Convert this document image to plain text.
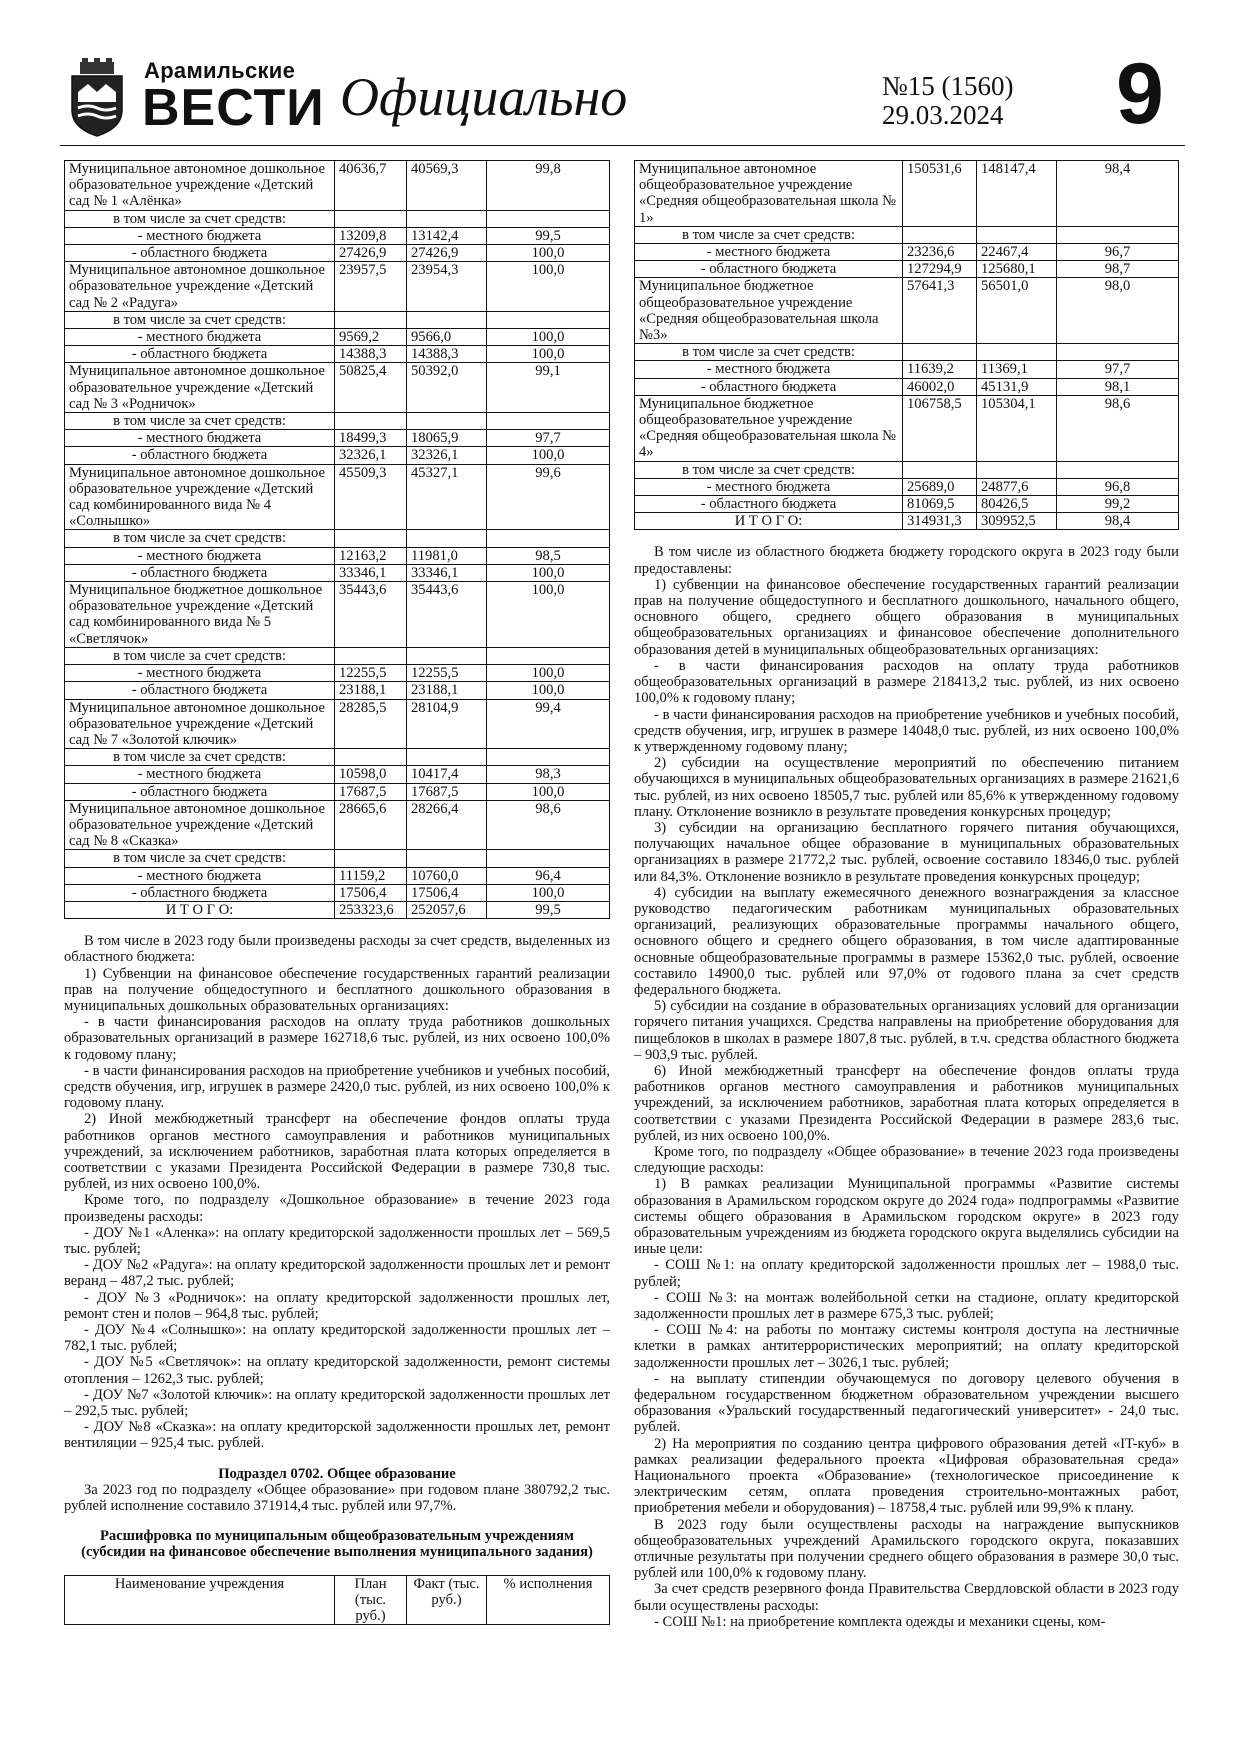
Арамильские
ВЕСТИ Официально	№15 (1560)
29.03.2024 9
Муниципальное автономное дошкольное образовательное учреждение «Детский сад № 1 «Алёнка»	40636,7	40569,3	99,8
в том числе за счет средств:			
- местного бюджета	13209,8	13142,4	99,5
- областного бюджета	27426,9	27426,9	100,0
Муниципальное автономное дошкольное образовательное учреждение «Детский сад № 2 «Радуга»	23957,5	23954,3	100,0
в том числе за счет средств:			
- местного бюджета	9569,2	9566,0	100,0
- областного бюджета	14388,3	14388,3	100,0
Муниципальное автономное дошкольное образовательное учреждение «Детский сад № 3 «Родничок»	50825,4	50392,0	99,1
в том числе за счет средств:			
- местного бюджета	18499,3	18065,9	97,7
- областного бюджета	32326,1	32326,1	100,0
Муниципальное автономное дошкольное образовательное учреждение «Детский сад комбинированного вида № 4 «Солнышко»	45509,3	45327,1	99,6
в том числе за счет средств:			
- местного бюджета	12163,2	11981,0	98,5
- областного бюджета	33346,1	33346,1	100,0
Муниципальное бюджетное дошкольное образовательное учреждение «Детский сад комбинированного вида № 5 «Светлячок»	35443,6	35443,6	100,0
в том числе за счет средств:			
- местного бюджета	12255,5	12255,5	100,0
- областного бюджета	23188,1	23188,1	100,0
Муниципальное автономное дошкольное образовательное учреждение «Детский сад № 7 «Золотой ключик»	28285,5	28104,9	99,4
в том числе за счет средств:			
- местного бюджета	10598,0	10417,4	98,3
- областного бюджета	17687,5	17687,5	100,0
Муниципальное автономное дошкольное образовательное учреждение «Детский сад № 8 «Сказка»	28665,6	28266,4	98,6
в том числе за счет средств:			
- местного бюджета	11159,2	10760,0	96,4
- областного бюджета	17506,4	17506,4	100,0
И Т О Г О:	253323,6	252057,6	99,5

В том числе в 2023 году были произведены расходы за счет средств, выделенных из областного бюджета:

1) Субвенции на финансовое обеспечение государственных гарантий реализации прав на получение общедоступного и бесплатного дошкольного образования в муниципальных дошкольных образовательных организациях:

- в части финансирования расходов на оплату труда работников дошкольных образовательных организаций в размере 162718,6 тыс. рублей, из них освоено 100,0% к годовому плану;

- в части финансирования расходов на приобретение учебников и учебных пособий, средств обучения, игр, игрушек в размере 2420,0 тыс. рублей, из них освоено 100,0% к годовому плану.

2) Иной межбюджетный трансферт на обеспечение фондов оплаты труда работников органов местного самоуправления и работников муниципальных учреждений, за исключением работников, заработная плата которых определяется в соответствии с указами Президента Российской Федерации в размере 730,8 тыс. рублей, из них освоено 100,0%.

Кроме того, по подразделу «Дошкольное образование» в течение 2023 года произведены расходы:

- ДОУ №1 «Аленка»: на оплату кредиторской задолженности прошлых лет – 569,5 тыс. рублей;

- ДОУ №2 «Радуга»: на оплату кредиторской задолженности прошлых лет и ремонт веранд – 487,2 тыс. рублей;

- ДОУ №3 «Родничок»: на оплату кредиторской задолженности прошлых лет, ремонт стен и полов – 964,8 тыс. рублей;

- ДОУ №4 «Солнышко»: на оплату кредиторской задолженности прошлых лет – 782,1 тыс. рублей;

- ДОУ №5 «Светлячок»: на оплату кредиторской задолженности, ремонт системы отопления – 1262,3 тыс. рублей;

- ДОУ №7 «Золотой ключик»: на оплату кредиторской задолженности прошлых лет – 292,5 тыс. рублей;

- ДОУ №8 «Сказка»: на оплату кредиторской задолженности прошлых лет, ремонт вентиляции – 925,4 тыс. рублей.

Подраздел 0702. Общее образование

За 2023 год по подразделу «Общее образование» при годовом плане 380792,2 тыс. рублей исполнение составило 371914,4 тыс. рублей или 97,7%.

Расшифровка по муниципальным общеобразовательным учреждениям

(субсидии на финансовое обеспечение выполнения муниципального задания)

Наименование учреждения	План (тыс. руб.)	Факт (тыс. руб.)	% исполнения
Муниципальное автономное общеобразовательное учреждение «Средняя общеобразовательная школа № 1»	150531,6	148147,4	98,4
в том числе за счет средств:			
- местного бюджета	23236,6	22467,4	96,7
- областного бюджета	127294,9	125680,1	98,7
Муниципальное бюджетное общеобразовательное учреждение «Средняя общеобразовательная школа №3»	57641,3	56501,0	98,0
в том числе за счет средств:			
- местного бюджета	11639,2	11369,1	97,7
- областного бюджета	46002,0	45131,9	98,1
Муниципальное бюджетное общеобразовательное учреждение «Средняя общеобразовательная школа № 4»	106758,5	105304,1	98,6
в том числе за счет средств:			
- местного бюджета	25689,0	24877,6	96,8
- областного бюджета	81069,5	80426,5	99,2
И Т О Г О:	314931,3	309952,5	98,4

В том числе из областного бюджета бюджету городского округа в 2023 году были предоставлены:

1) субвенции на финансовое обеспечение государственных гарантий реализации прав на получение общедоступного и бесплатного дошкольного, начального общего, основного общего, среднего общего образования в муниципальных общеобразовательных организациях и финансовое обеспечение дополнительного образования детей в муниципальных общеобразовательных организациях:

- в части финансирования расходов на оплату труда работников общеобразовательных организаций в размере 218413,2 тыс. рублей, из них освоено 100,0% к годовому плану;

- в части финансирования расходов на приобретение учебников и учебных пособий, средств обучения, игр, игрушек в размере 14048,0 тыс. рублей, из них освоено 100,0% к утвержденному годовому плану;

2) субсидии на осуществление мероприятий по обеспечению питанием обучающихся в муниципальных общеобразовательных организациях в размере 21621,6 тыс. рублей, из них освоено 18505,7 тыс. рублей или 85,6% к утвержденному годовому плану. Отклонение возникло в результате проведения конкурсных процедур;

3) субсидии на организацию бесплатного горячего питания обучающихся, получающих начальное общее образование в муниципальных образовательных организациях в размере 21772,2 тыс. рублей, освоение составило 18346,0 тыс. рублей или 84,3%. Отклонение возникло в результате проведения конкурсных процедур;

4) субсидии на выплату ежемесячного денежного вознаграждения за классное руководство педагогическим работникам муниципальных образовательных организаций, реализующих образовательные программы начального общего, основного общего и среднего общего образования, в том числе адаптированные основные общеобразовательные программы в размере 15362,0 тыс. рублей, освоение составило 14900,0 тыс. рублей или 97,0% от годового плана за счет средств федерального бюджета.

5) субсидии на создание в образовательных организациях условий для организации горячего питания учащихся. Средства направлены на приобретение оборудования для пищеблоков в школах в размере 1807,8 тыс. рублей, в т.ч. средства областного бюджета – 903,9 тыс. рублей.

6) Иной межбюджетный трансферт на обеспечение фондов оплаты труда работников органов местного самоуправления и работников муниципальных учреждений, за исключением работников, заработная плата которых определяется в соответствии с указами Президента Российской Федерации в размере 283,6 тыс. рублей, из них освоено 100,0%.

Кроме того, по подразделу «Общее образование» в течение 2023 года произведены следующие расходы:

1) В рамках реализации Муниципальной программы «Развитие системы образования в Арамильском городском округе до 2024 года» подпрограммы «Развитие системы общего образования в Арамильском городском округе» в 2023 году образовательным учреждениям из бюджета городского округа выделялись субсидии на иные цели:

- СОШ №1: на оплату кредиторской задолженности прошлых лет – 1988,0 тыс. рублей;

- СОШ №3: на монтаж волейбольной сетки на стадионе, оплату кредиторской задолженности прошлых лет в размере 675,3 тыс. рублей;

- СОШ №4: на работы по монтажу системы контроля доступа на лестничные клетки в рамках антитеррористических мероприятий; на оплату кредиторской задолженности прошлых лет – 3026,1 тыс. рублей;

- на выплату стипендии обучающемуся по договору целевого обучения в федеральном государственном бюджетном образовательном учреждении высшего образования «Уральский государственный педагогический университет» - 24,0 тыс. рублей.

2) На мероприятия по созданию центра цифрового образования детей «IT-куб» в рамках реализации федерального проекта «Цифровая образовательная среда» Национального проекта «Образование» (технологическое присоединение к электрическим сетям, оплата проведения строительно-монтажных работ, приобретения мебели и оборудования) – 18758,4 тыс. рублей или 99,9% к плану.

В 2023 году были осуществлены расходы на награждение выпускников общеобразовательных учреждений Арамильского городского округа, показавших отличные результаты при получении среднего общего образования в размере 30,0 тыс. рублей или 100,0% к годовому плану.

За счет средств резервного фонда Правительства Свердловской области в 2023 году были осуществлены расходы:

- СОШ №1: на приобретение комплекта одежды и механики сцены, ком-
